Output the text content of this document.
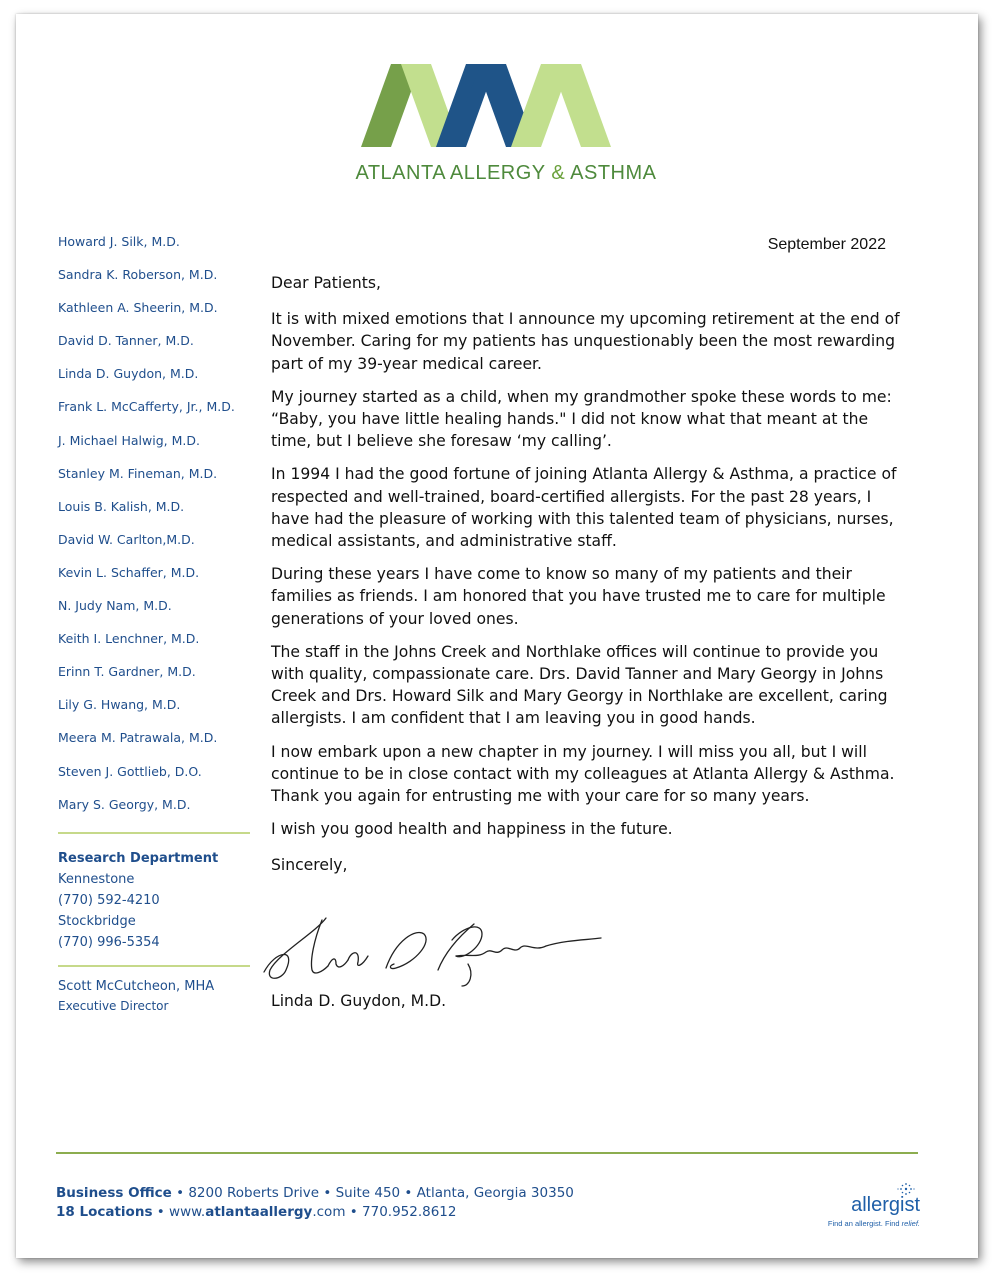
ATLANTA ALLERGY & ASTHMA
Howard J. Silk, M.D.
Sandra K. Roberson, M.D.
Kathleen A. Sheerin, M.D.
David D. Tanner, M.D.
Linda D. Guydon, M.D.
Frank L. McCafferty, Jr., M.D.
J. Michael Halwig, M.D.
Stanley M. Fineman, M.D.
Louis B. Kalish, M.D.
David W. Carlton,M.D.
Kevin L. Schaffer, M.D.
N. Judy Nam, M.D.
Keith I. Lenchner, M.D.
Erinn T. Gardner, M.D.
Lily G. Hwang, M.D.
Meera M. Patrawala, M.D.
Steven J. Gottlieb, D.O.
Mary S. Georgy, M.D.
Research Department
Kennestone
(770) 592-4210
Stockbridge
(770) 996-5354
Scott McCutcheon, MHA
Executive Director
September 2022

Dear Patients,

It is with mixed emotions that I announce my upcoming retirement at the end of November. Caring for my patients has unquestionably been the most rewarding part of my 39-year medical career.

My journey started as a child, when my grandmother spoke these words to me: “Baby, you have little healing hands." I did not know what that meant at the time, but I believe she foresaw ‘my calling’.

In 1994 I had the good fortune of joining Atlanta Allergy & Asthma, a practice of respected and well-trained, board-certified allergists. For the past 28 years, I have had the pleasure of working with this talented team of physicians, nurses, medical assistants, and administrative staff.

During these years I have come to know so many of my patients and their families as friends. I am honored that you have trusted me to care for multiple generations of your loved ones.

The staff in the Johns Creek and Northlake offices will continue to provide you with quality, compassionate care. Drs. David Tanner and Mary Georgy in Johns Creek and Drs. Howard Silk and Mary Georgy in Northlake are excellent, caring allergists. I am confident that I am leaving you in good hands.

I now embark upon a new chapter in my journey. I will miss you all, but I will continue to be in close contact with my colleagues at Atlanta Allergy & Asthma. Thank you again for entrusting me with your care for so many years.

I wish you good health and happiness in the future.

Sincerely,

Linda D. Guydon, M.D.
Business Office • 8200 Roberts Drive • Suite 450 • Atlanta, Georgia 30350
18 Locations • www.atlantaallergy.com • 770.952.8612	allergist
Find an allergist. Find relief.
